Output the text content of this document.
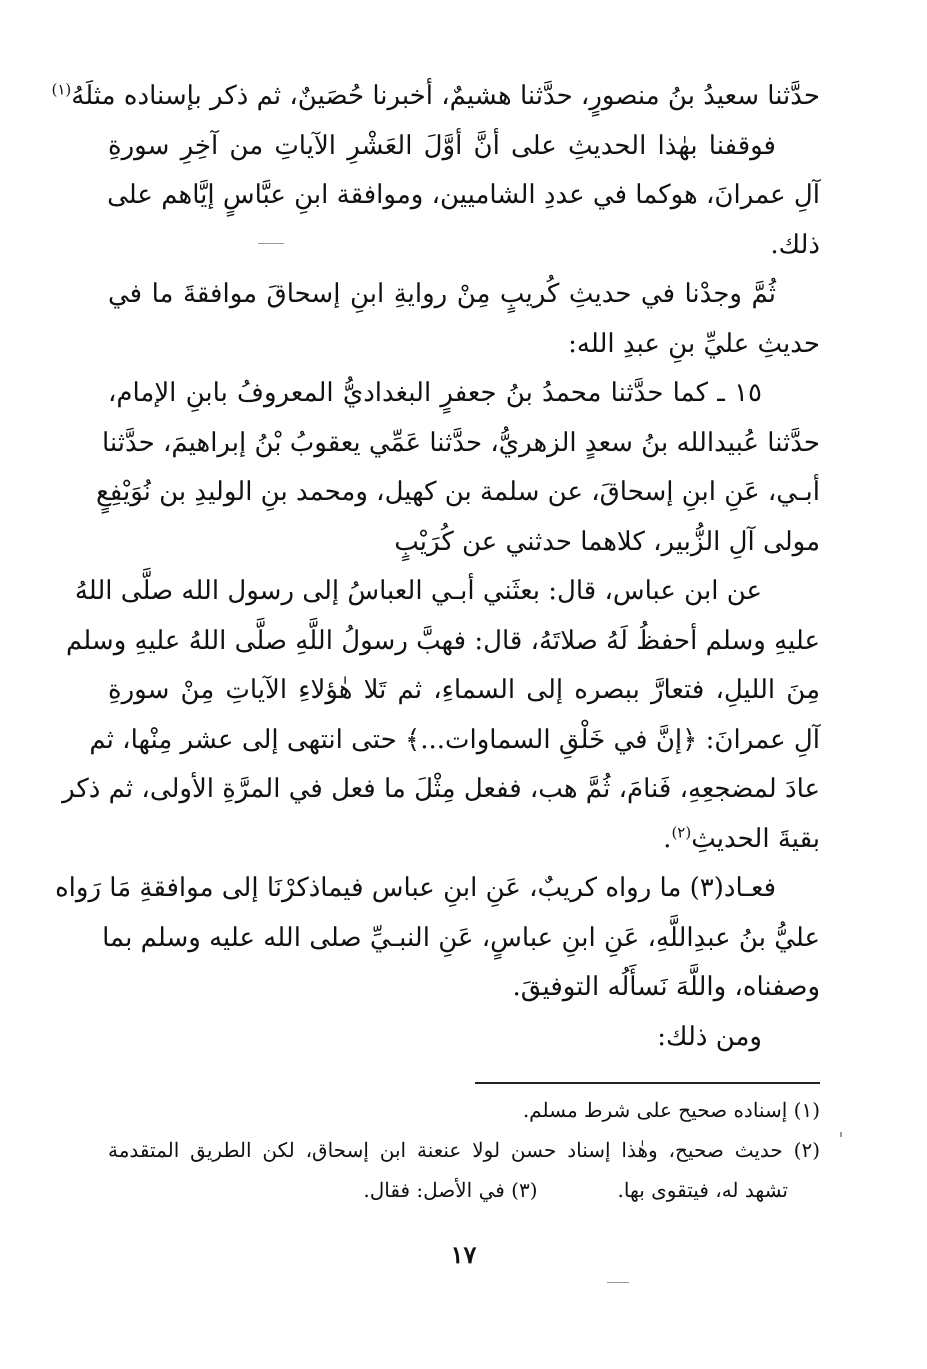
حدَّثنا سعيدُ بنُ منصورٍ، حدَّثنا هشيمٌ، أخبرنا حُصَينٌ، ثم ذكر بإسناده مثلَهُ$^{(١)}$
فوقفنا بهٰذا الحديثِ على أنَّ أوَّلَ العَشْرِ الآياتِ من آخِرِ سورةِ
آلِ عمرانَ، هوكما في عددِ الشاميين، وموافقة ابنِ عبَّاسٍ إيَّاهم على
ذلك.
ثُمَّ وجدْنا في حديثِ كُريبٍ مِنْ روايةِ ابنِ إسحاقَ موافقةَ ما في
حديثِ عليِّ بنِ عبدِ الله:
١٥ ـ كما حدَّثنا محمدُ بنُ جعفرٍ البغداديُّ المعروفُ بابنِ الإمام،
حدَّثنا عُبيدالله بنُ سعدٍ الزهريُّ، حدَّثنا عَمِّي يعقوبُ بْنُ إبراهيمَ، حدَّثنا
أبـي، عَنِ ابنِ إسحاقَ، عن سلمة بن كهيل، ومحمد بنِ الوليدِ بن نُوَيْفِعٍ
مولى آلِ الزُّبير، كلاهما حدثني عن كُرَيْبٍ
عن ابن عباس، قال: بعثَني أبـي العباسُ إلى رسول الله صلَّى اللهُ
عليهِ وسلم أحفظُ لَهُ صلاتَهُ، قال: فهبَّ رسولُ اللَّهِ صلَّى اللهُ عليهِ وسلم
مِنَ الليلِ، فتعارَّ ببصره إلى السماءِ، ثم تَلا هٰؤلاءِ الآياتِ مِنْ سورةِ
آلِ عمرانَ: ﴿إنَّ في خَلْقِ السماوات...﴾ حتى انتهى إلى عشر مِنْها، ثم
عادَ لمضجعِهِ، فَنامَ، ثُمَّ هب، ففعل مِثْلَ ما فعل في المرَّةِ الأولى، ثم ذكر
بقيةَ الحديثِ$^{(٢)}$.
فعـاد(٣) ما رواه كريبٌ، عَنِ ابنِ عباس فيماذكرْنَا إلى موافقةِ مَا رَواه
عليُّ بنُ عبدِاللَّهِ، عَنِ ابنِ عباسٍ، عَنِ النبـيِّ صلى الله عليه وسلم بما
وصفناه، واللَّهَ نَسأَلُه التوفيقَ.
ومن ذلك:
(١) إسناده صحيح على شرط مسلم.
(٢) حديث صحيح، وهٰذا إسناد حسن لولا عنعنة ابن إسحاق، لكن الطريق المتقدمة
تشهد له، فيتقوى بها.(٣) في الأصل: فقال.
١٧
